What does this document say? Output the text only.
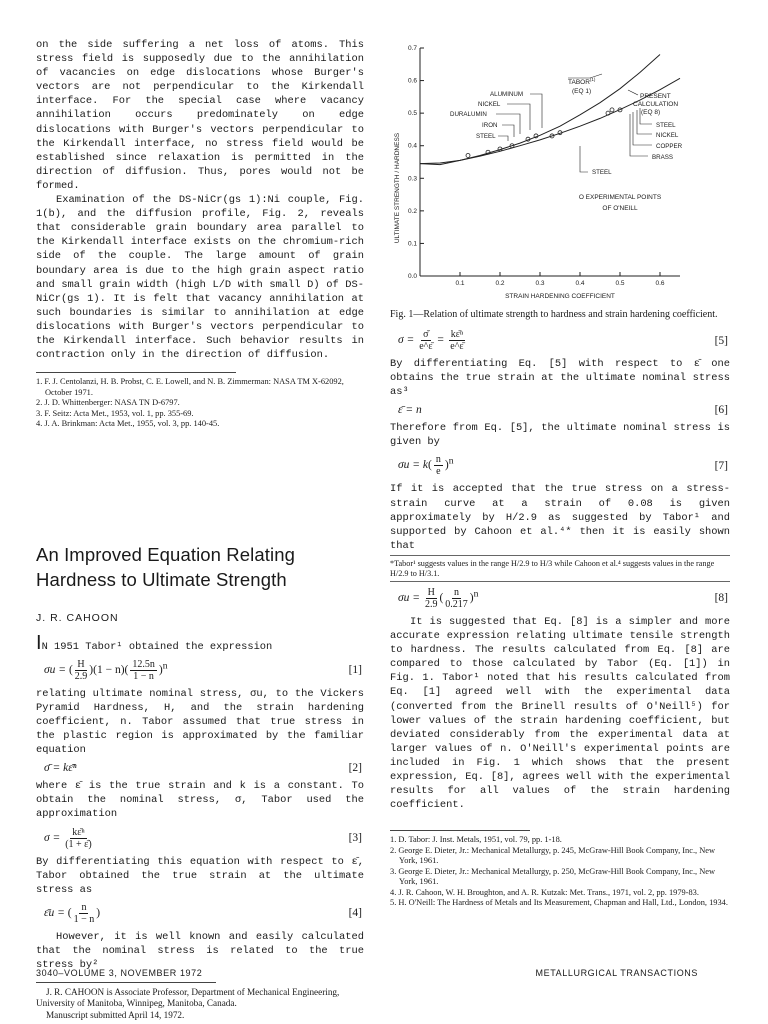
on the side suffering a net loss of atoms. This stress field is supposedly due to the annihilation of vacancies on edge dislocations whose Burger's vectors are not perpendicular to the Kirkendall interface. For the special case where vacancy annihilation occurs predominately on edge dislocations with Burger's vectors perpendicular to the Kirkendall interface, no stress field would be established since relaxation is permitted in the direction of diffusion. Thus, pores would not be formed.

Examination of the DS-NiCr(gs 1):Ni couple, Fig. 1(b), and the diffusion profile, Fig. 2, reveals that considerable grain boundary area parallel to the Kirkendall interface exists on the chromium-rich side of the couple. The large amount of grain boundary area is due to the high grain aspect ratio and small grain width (high L/D with small D) of DS-NiCr(gs 1). It is felt that vacancy annihilation at such boundaries is similar to annihilation at edge dislocations with Burger's vectors perpendicular to the Kirkendall interface. Such behavior results in contraction only in the direction of diffusion.

1. F. J. Centolanzi, H. B. Probst, C. E. Lowell, and N. B. Zimmerman: NASA TM X-62092, October 1971.
2. J. D. Whittenberger: NASA TN D-6797.
3. F. Seitz: Acta Met., 1953, vol. 1, pp. 355-69.
4. J. A. Brinkman: Acta Met., 1955, vol. 3, pp. 140-45.
An Improved Equation Relating Hardness to Ultimate Strength
J. R. CAHOON

IN 1951 Tabor¹ obtained the expression

σu = ( $\frac{H}{2.9} )(1 - n)( \frac{12.5n}{1 - n} )^n$	[1]

relating ultimate nominal stress, σu, to the Vickers Pyramid Hardness, H, and the strain hardening coefficient, n. Tabor assumed that true stress in the plastic region is approximated by the familiar equation

σ̄ = kε̄ⁿ	[2]

where ε̄ is the true strain and k is a constant. To obtain the nominal stress, σ, Tabor used the approximation

$\sigma = \frac{\text{kε̄ⁿ}}{(1 + \varepsilon̄)}$	[3]

By differentiating this equation with respect to ε̄, Tabor obtained the true strain at the ultimate stress as

ε̄u = ( $\frac{n}{1 - n}$ )	[4]

However, it is well known and easily calculated that the nominal stress is related to the true stress by²

J. R. CAHOON is Associate Professor, Department of Mechanical Engineering, University of Manitoba, Winnipeg, Manitoba, Canada.
Manuscript submitted April 14, 1972.
0.0
0.1
0.2
0.3
0.4
0.5
0.6
0.7
0.1	0.2	0.3	0.4	0.5	0.6
ALUMINUM
NICKEL
DURALUMIN
IRON
STEEL
STEEL
NICKEL
COPPER
BRASS
STEEL
STRAIN HARDENING COEFFICIENT
ULTIMATE STRENGTH / HARDNESS	O EXPERIMENTAL POINTS
OF O'NEILL
TABOR$^{(1)}$
(EQ 1)
PRESENT
CALCULATION
(EQ 8)
Fig. 1—Relation of ultimate strength to hardness and strain hardening coefficient.
$\sigma = \frac{\sigmā}{e\^{}\varepsilon̄} = \frac{\text{kε̄ⁿ}}{e\^{}\varepsilon̄}$	[5]

By differentiating Eq. [5] with respect to ε̄ one obtains the true strain at the ultimate nominal stress as³

ε̄ = n	[6]

Therefore from Eq. [5], the ultimate nominal stress is given by

$\sigma u = k( \frac{n}{e} )^n$	[7]

If it is accepted that the true stress on a stress-strain curve at a strain of 0.08 is given approximately by H/2.9 as suggested by Tabor¹ and supported by Cahoon et al.⁴* then it is easily shown that

*Tabor¹ suggests values in the range H/2.9 to H/3 while Cahoon et al.⁴ suggests values in the range H/2.9 to H/3.1.
$\sigma u = \frac{H}{2.9}$ ( $\frac{n}{0.217} )^n$	[8]

It is suggested that Eq. [8] is a simpler and more accurate expression relating ultimate tensile strength to hardness. The results calculated from Eq. [8] are compared to those calculated by Tabor (Eq. [1]) in Fig. 1. Tabor¹ noted that his results calculated from Eq. [1] agreed well with the experimental data (converted from the Brinell results of O'Neill⁵) for lower values of the strain hardening coefficient, but deviated considerably from the experimental data at larger values of n. O'Neill's experimental points are included in Fig. 1 which shows that the present expression, Eq. [8], agrees well with the experimental results for all values of the strain hardening coefficient.

1. D. Tabor: J. Inst. Metals, 1951, vol. 79, pp. 1-18.
2. George E. Dieter, Jr.: Mechanical Metallurgy, p. 245, McGraw-Hill Book Company, Inc., New York, 1961.
3. George E. Dieter, Jr.: Mechanical Metallurgy, p. 250, McGraw-Hill Book Company, Inc., New York, 1961.
4. J. R. Cahoon, W. H. Broughton, and A. R. Kutzak: Met. Trans., 1971, vol. 2, pp. 1979-83.
5. H. O'Neill: The Hardness of Metals and Its Measurement, Chapman and Hall, Ltd., London, 1934.
3040–VOLUME 3, NOVEMBER 1972	METALLURGICAL TRANSACTIONS
